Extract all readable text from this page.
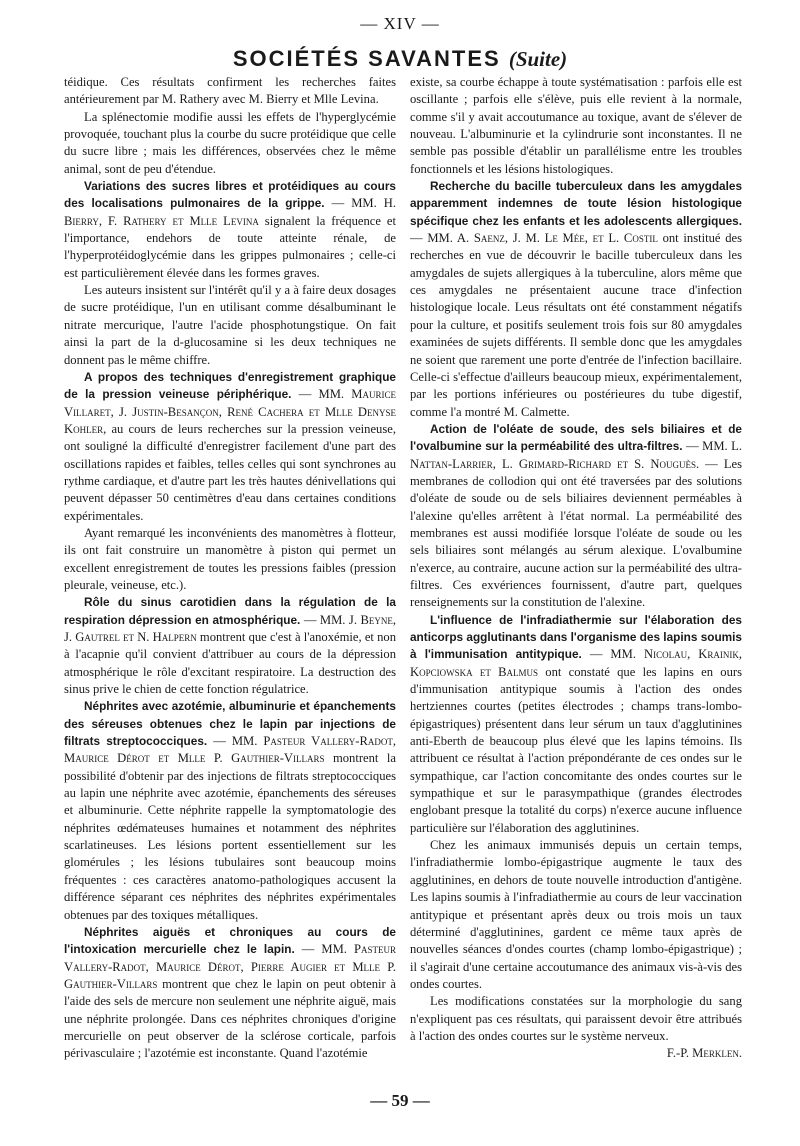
— XIV —
SOCIÉTÉS SAVANTES (Suite)

téidique. Ces résultats confirment les recherches faites antérieurement par M. Rathery avec M. Bierry et Mlle Levina.

La splénectomie modifie aussi les effets de l'hyperglycémie provoquée, touchant plus la courbe du sucre protéidique que celle du sucre libre ; mais les différences, observées chez le même animal, sont de peu d'étendue.

Variations des sucres libres et protéidiques au cours des localisations pulmonaires de la grippe. — MM. H. Bierry, F. Rathery et Mlle Levina signalent la fréquence et l'importance, endehors de toute atteinte rénale, de l'hyperprotéidoglycémie dans les grippes pulmonaires ; celle-ci est particulièrement élevée dans les formes graves.

Les auteurs insistent sur l'intérêt qu'il y a à faire deux dosages de sucre protéidique, l'un en utilisant comme désalbuminant le nitrate mercurique, l'autre l'acide phosphotungstique. On fait ainsi la part de la d-glucosamine si les deux techniques ne donnent pas le même chiffre.

A propos des techniques d'enregistrement graphique de la pression veineuse périphérique. — MM. Maurice Villaret, J. Justin-Besançon, René Cachera et Mlle Denyse Kohler, au cours de leurs recherches sur la pression veineuse, ont souligné la difficulté d'enregistrer facilement d'une part des oscillations rapides et faibles, telles celles qui sont synchrones au rythme cardiaque, et d'autre part les très hautes dénivellations qui peuvent dépasser 50 centimètres d'eau dans certaines conditions expérimentales.

Ayant remarqué les inconvénients des manomètres à flotteur, ils ont fait construire un manomètre à piston qui permet un excellent enregistrement de toutes les pressions faibles (pression pleurale, veineuse, etc.).

Rôle du sinus carotidien dans la régulation de la respiration dépression en atmosphérique. — MM. J. Beyne, J. Gautrel et N. Halpern montrent que c'est à l'anoxémie, et non à l'acapnie qu'il convient d'attribuer au cours de la dépression atmosphérique le rôle d'excitant respiratoire. La destruction des sinus prive le chien de cette fonction régulatrice.

Néphrites avec azotémie, albuminurie et épanchements des séreuses obtenues chez le lapin par injections de filtrats streptococciques. — MM. Pasteur Vallery-Radot, Maurice Dérot et Mlle P. Gauthier-Villars montrent la possibilité d'obtenir par des injections de filtrats streptococciques au lapin une néphrite avec azotémie, épanchements des séreuses et albuminurie. Cette néphrite rappelle la symptomatologie des néphrites œdémateuses humaines et notamment des néphrites scarlatineuses. Les lésions portent essentiellement sur les glomérules ; les lésions tubulaires sont beaucoup moins fréquentes : ces caractères anatomo-pathologiques accusent la différence séparant ces néphrites des néphrites expérimentales obtenues par des toxiques métalliques.

Néphrites aiguës et chroniques au cours de l'intoxication mercurielle chez le lapin. — MM. Pasteur Vallery-Radot, Maurice Dérot, Pierre Augier et Mlle P. Gauthier-Villars montrent que chez le lapin on peut obtenir à l'aide des sels de mercure non seulement une néphrite aiguë, mais une néphrite prolongée. Dans ces néphrites chroniques d'origine mercurielle on peut observer de la sclérose corticale, parfois périvasculaire ; l'azotémie est inconstante. Quand l'azotémie

existe, sa courbe échappe à toute systématisation : parfois elle est oscillante ; parfois elle s'élève, puis elle revient à la normale, comme s'il y avait accoutumance au toxique, avant de s'élever de nouveau. L'albuminurie et la cylindrurie sont inconstantes. Il ne semble pas possible d'établir un parallélisme entre les troubles fonctionnels et les lésions histologiques.

Recherche du bacille tuberculeux dans les amygdales apparemment indemnes de toute lésion histologique spécifique chez les enfants et les adolescents allergiques. — MM. A. Saenz, J. M. Le Mée, et L. Costil ont institué des recherches en vue de découvrir le bacille tuberculeux dans les amygdales de sujets allergiques à la tuberculine, alors même que ces amygdales ne présentaient aucune trace d'infection histologique locale. Leus résultats ont été constamment négatifs pour la culture, et positifs seulement trois fois sur 80 amygdales examinées de sujets différents. Il semble donc que les amygdales ne soient que rarement une porte d'entrée de l'infection bacillaire. Celle-ci s'effectue d'ailleurs beaucoup mieux, expérimentalement, par les portions inférieures ou postérieures du tube digestif, comme l'a montré M. Calmette.

Action de l'oléate de soude, des sels biliaires et de l'ovalbumine sur la perméabilité des ultra-filtres. — MM. L. Nattan-Larrier, L. Grimard-Richard et S. Nouguès. — Les membranes de collodion qui ont été traversées par des solutions d'oléate de soude ou de sels biliaires deviennent perméables à l'alexine qu'elles arrêtent à l'état normal. La perméabilité des membranes est aussi modifiée lorsque l'oléate de soude ou les sels biliaires sont mélangés au sérum alexique. L'ovalbumine n'exerce, au contraire, aucune action sur la perméabilité des ultra-filtres. Ces exvériences fournissent, d'autre part, quelques renseignements sur la constitution de l'alexine.

L'influence de l'infradiathermie sur l'élaboration des anticorps agglutinants dans l'organisme des lapins soumis à l'immunisation antitypique. — MM. Nicolau, Krainik, Kopciowska et Balmus ont constaté que les lapins en ours d'immunisation antitypique soumis à l'action des ondes hertziennes courtes (petites électrodes ; champs trans-lombo-épigastriques) présentent dans leur sérum un taux d'agglutinines anti-Eberth de beaucoup plus élevé que les lapins témoins. Ils attribuent ce résultat à l'action prépondérante de ces ondes sur le sympathique, car l'action concomitante des ondes courtes sur le sympathique et sur le parasympathique (grandes électrodes englobant presque la totalité du corps) n'exerce aucune influence particulière sur l'élaboration des agglutinines.

Chez les animaux immunisés depuis un certain temps, l'infradiathermie lombo-épigastrique augmente le taux des agglutinines, en dehors de toute nouvelle introduction d'antigène. Les lapins soumis à l'infradiathermie au cours de leur vaccination antitypique et présentant après deux ou trois mois un taux déterminé d'agglutinines, gardent ce même taux après de nouvelles séances d'ondes courtes (champ lombo-épigastrique) ; il s'agirait d'une certaine accoutumance des animaux vis-à-vis des ondes courtes.

Les modifications constatées sur la morphologie du sang n'expliquent pas ces résultats, qui paraissent devoir être attribués à l'action des ondes courtes sur le système nerveux.
F.-P. Merklen.

— 59 —
